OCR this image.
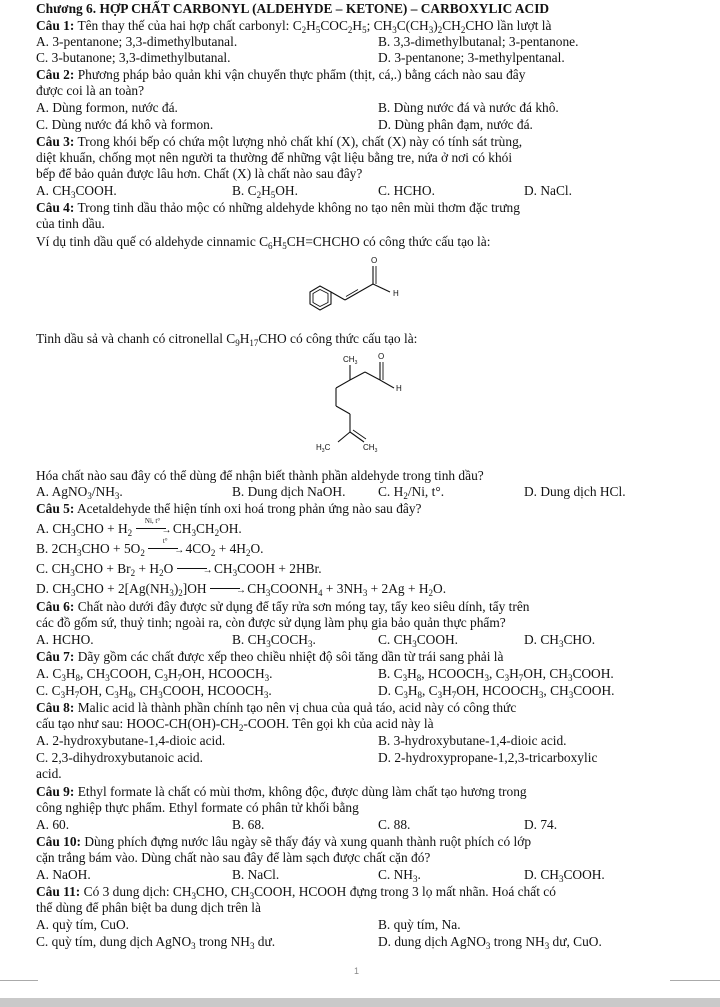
Chương 6. HỢP CHẤT CARBONYL (ALDEHYDE – KETONE) – CARBOXYLIC ACID
Câu 1: Tên thay thế của hai hợp chất carbonyl: $C_2H_5COC_2H_5$; $CH_3C(CH_3)_2CH_2CHO$ lần lượt là
A. 3-pentanone; 3,3-dimethylbutanal.	B. 3,3-dimethylbutanal; 3-pentanone.
C. 3-butanone; 3,3-dimethylbutanal.	D. 3-pentanone; 3-methylpentanal.
Câu 2: Phương pháp bảo quản khi vận chuyển thực phẩm (thịt, cá,.) bằng cách nào sau đây
được coi là an toàn?
A. Dùng formon, nước đá.	B. Dùng nước đá và nước đá khô.
C. Dùng nước đá khô và formon.	D. Dùng phân đạm, nước đá.
Câu 3: Trong khói bếp có chứa một lượng nhỏ chất khí (X), chất (X) này có tính sát trùng,
diệt khuẩn, chống mọt nên người ta thường để những vật liệu bằng tre, nứa ở nơi có khói
bếp để bảo quản được lâu hơn. Chất (X) là chất nào sau đây?
A. $CH_3COOH$.	B. $C_2H_5OH$.	C. HCHO.	D. NaCl.
Câu 4: Trong tinh dầu thảo mộc có những aldehyde không no tạo nên mùi thơm đặc trưng
của tinh dầu.
Ví dụ tinh dầu quế có aldehyde cinnamic $C_6H_5CH=CHCHO$ có công thức cấu tạo là:
O
H
Tinh dầu sả và chanh có citronellal $C_9H_{17}CHO$ có công thức cấu tạo là:
$CH_3$
O
H
$H_3C$	$CH_3$
Hóa chất nào sau đây có thể dùng để nhận biết thành phần aldehyde trong tinh dầu?
A. $AgNO_3/NH_3$.	B. Dung dịch NaOH. C. $H_2/Ni$, t°.	D. Dung dịch HCl.
Câu 5: Acetaldehyde thể hiện tính oxi hoá trong phản ứng nào sau đây?
A. $CH_3CHO + H_2$
Ni, t°
→ $CH_3CH_2OH$.
B. $2CH_3CHO + 5O_2$
t°
→ $4CO_2 + 4H_2O$.
C. $CH_3CHO + Br_2 + H_2O$	→ $CH_3COOH + 2HBr$.
D. $CH_3CHO + 2[Ag(NH_3)_2]OH$	→ $CH_3COONH_4 + 3NH_3 + 2Ag + H_2O$.
Câu 6: Chất nào dưới đây được sử dụng để tẩy rửa sơn móng tay, tẩy keo siêu dính, tẩy trên
các đồ gốm sứ, thuỷ tinh; ngoài ra, còn được sử dụng làm phụ gia bảo quản thực phẩm?
A. HCHO.	B. $CH_3COCH_3$.	C. $CH_3COOH$.	D. $CH_3CHO$.
Câu 7: Dãy gồm các chất được xếp theo chiều nhiệt độ sôi tăng dần từ trái sang phải là
A. $C_3H_8$, $CH_3COOH$, $C_3H_7OH$, $HCOOCH_3$.	B. $C_3H_8$, $HCOOCH_3$, $C_3H_7OH$, $CH_3COOH$.
C. $C_3H_7OH$, $C_3H_8$, $CH_3COOH$, $HCOOCH_3$.	D. $C_3H_8$, $C_3H_7OH$, $HCOOCH_3$, $CH_3COOH$.
Câu 8: Malic acid là thành phần chính tạo nên vị chua của quả táo, acid này có công thức
cấu tạo như sau: HOOC-$CH(OH)-CH_2$-COOH. Tên gọi kh của acid này là
A. 2-hydroxybutane-1,4-dioic acid.	B. 3-hydroxybutane-1,4-dioic acid.
C. 2,3-dihydroxybutanoic acid.	D. 2-hydroxypropane-1,2,3-tricarboxylic
acid.
Câu 9: Ethyl formate là chất có mùi thơm, không độc, được dùng làm chất tạo hương trong
công nghiệp thực phẩm. Ethyl formate có phân tử khối bằng
A. 60.	B. 68.	C. 88.	D. 74.
Câu 10: Dùng phích đựng nước lâu ngày sẽ thấy đáy và xung quanh thành ruột phích có lớp
cặn trắng bám vào. Dùng chất nào sau đây để làm sạch được chất cặn đó?
A. NaOH.	B. NaCl.	C. $NH_3$.	D. $CH_3COOH$.
Câu 11: Có 3 dung dịch: $CH_3CHO$, $CH_3COOH$, HCOOH đựng trong 3 lọ mất nhãn. Hoá chất có
thể dùng để phân biệt ba dung dịch trên là
A. quỳ tím, CuO.	B. quỳ tím, Na.
C. quỳ tím, dung dịch AgNO$_3$ trong $NH_3$ dư.	D. dung dịch AgNO$_3$ trong $NH_3$ dư, CuO.
1
